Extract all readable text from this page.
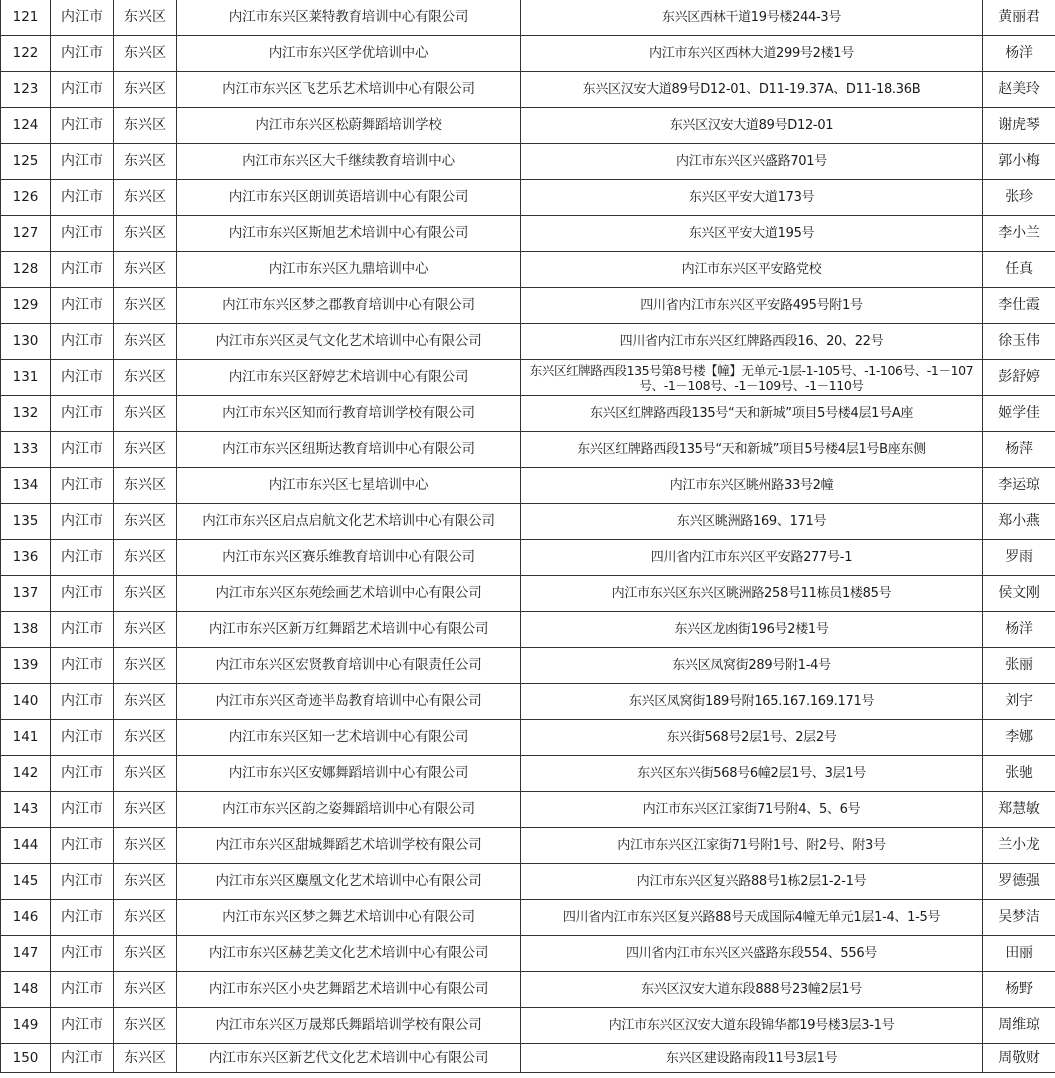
121	内江市	东兴区	内江市东兴区莱特教育培训中心有限公司	东兴区西林干道19号楼244-3号	黄丽君
122	内江市	东兴区	内江市东兴区学优培训中心	内江市东兴区西林大道299号2楼1号	杨洋
123	内江市	东兴区	内江市东兴区飞艺乐艺术培训中心有限公司	东兴区汉安大道89号D12-01、D11-19.37A、D11-18.36B	赵美玲
124	内江市	东兴区	内江市东兴区松蔚舞蹈培训学校	东兴区汉安大道89号D12-01	谢虎琴
125	内江市	东兴区	内江市东兴区大千继续教育培训中心	内江市东兴区兴盛路701号	郭小梅
126	内江市	东兴区	内江市东兴区朗训英语培训中心有限公司	东兴区平安大道173号	张珍
127	内江市	东兴区	内江市东兴区斯旭艺术培训中心有限公司	东兴区平安大道195号	李小兰
128	内江市	东兴区	内江市东兴区九鼎培训中心	内江市东兴区平安路党校	任真
129	内江市	东兴区	内江市东兴区梦之郡教育培训中心有限公司	四川省内江市东兴区平安路495号附1号	李仕霞
130	内江市	东兴区	内江市东兴区灵气文化艺术培训中心有限公司	四川省内江市东兴区红牌路西段16、20、22号	徐玉伟
131	内江市	东兴区	内江市东兴区舒婷艺术培训中心有限公司	东兴区红牌路西段135号第8号楼【幢】无单元-1层-1-105号、-1-106号、-1－107号、-1－108号、-1－109号、-1－110号	彭舒婷
132	内江市	东兴区	内江市东兴区知而行教育培训学校有限公司	东兴区红牌路西段135号“天和新城”项目5号楼4层1号A座	姬学佳
133	内江市	东兴区	内江市东兴区纽斯达教育培训中心有限公司	东兴区红牌路西段135号“天和新城”项目5号楼4层1号B座东侧	杨萍
134	内江市	东兴区	内江市东兴区七星培训中心	内江市东兴区眺州路33号2幢	李运琼
135	内江市	东兴区	内江市东兴区启点启航文化艺术培训中心有限公司	东兴区眺洲路169、171号	郑小燕
136	内江市	东兴区	内江市东兴区赛乐维教育培训中心有限公司	四川省内江市东兴区平安路277号-1	罗雨
137	内江市	东兴区	内江市东兴区东苑绘画艺术培训中心有限公司	内江市东兴区东兴区眺洲路258号11栋员1楼85号	侯文刚
138	内江市	东兴区	内江市东兴区新万红舞蹈艺术培训中心有限公司	东兴区龙凼街196号2楼1号	杨洋
139	内江市	东兴区	内江市东兴区宏贤教育培训中心有限责任公司	东兴区凤窝街289号附1-4号	张丽
140	内江市	东兴区	内江市东兴区奇迹半岛教育培训中心有限公司	东兴区凤窝街189号附165.167.169.171号	刘宇
141	内江市	东兴区	内江市东兴区知一艺术培训中心有限公司	东兴街568号2层1号、2层2号	李娜
142	内江市	东兴区	内江市东兴区安娜舞蹈培训中心有限公司	东兴区东兴街568号6幢2层1号、3层1号	张驰
143	内江市	东兴区	内江市东兴区韵之姿舞蹈培训中心有限公司	内江市东兴区江家街71号附4、5、6号	郑慧敏
144	内江市	东兴区	内江市东兴区甜城舞蹈艺术培训学校有限公司	内江市东兴区江家街71号附1号、附2号、附3号	兰小龙
145	内江市	东兴区	内江市东兴区麋凰文化艺术培训中心有限公司	内江市东兴区复兴路88号1栋2层1-2-1号	罗德强
146	内江市	东兴区	内江市东兴区梦之舞艺术培训中心有限公司	四川省内江市东兴区复兴路88号天成国际4幢无单元1层1-4、1-5号	吴梦洁
147	内江市	东兴区	内江市东兴区赫艺美文化艺术培训中心有限公司	四川省内江市东兴区兴盛路东段554、556号	田丽
148	内江市	东兴区	内江市东兴区小央艺舞蹈艺术培训中心有限公司	东兴区汉安大道东段888号23幢2层1号	杨野
149	内江市	东兴区	内江市东兴区万晟郑氏舞蹈培训学校有限公司	内江市东兴区汉安大道东段锦华都19号楼3层3-1号	周维琼
150	内江市	东兴区	内江市东兴区新艺代文化艺术培训中心有限公司	东兴区建设路南段11号3层1号	周敬财
